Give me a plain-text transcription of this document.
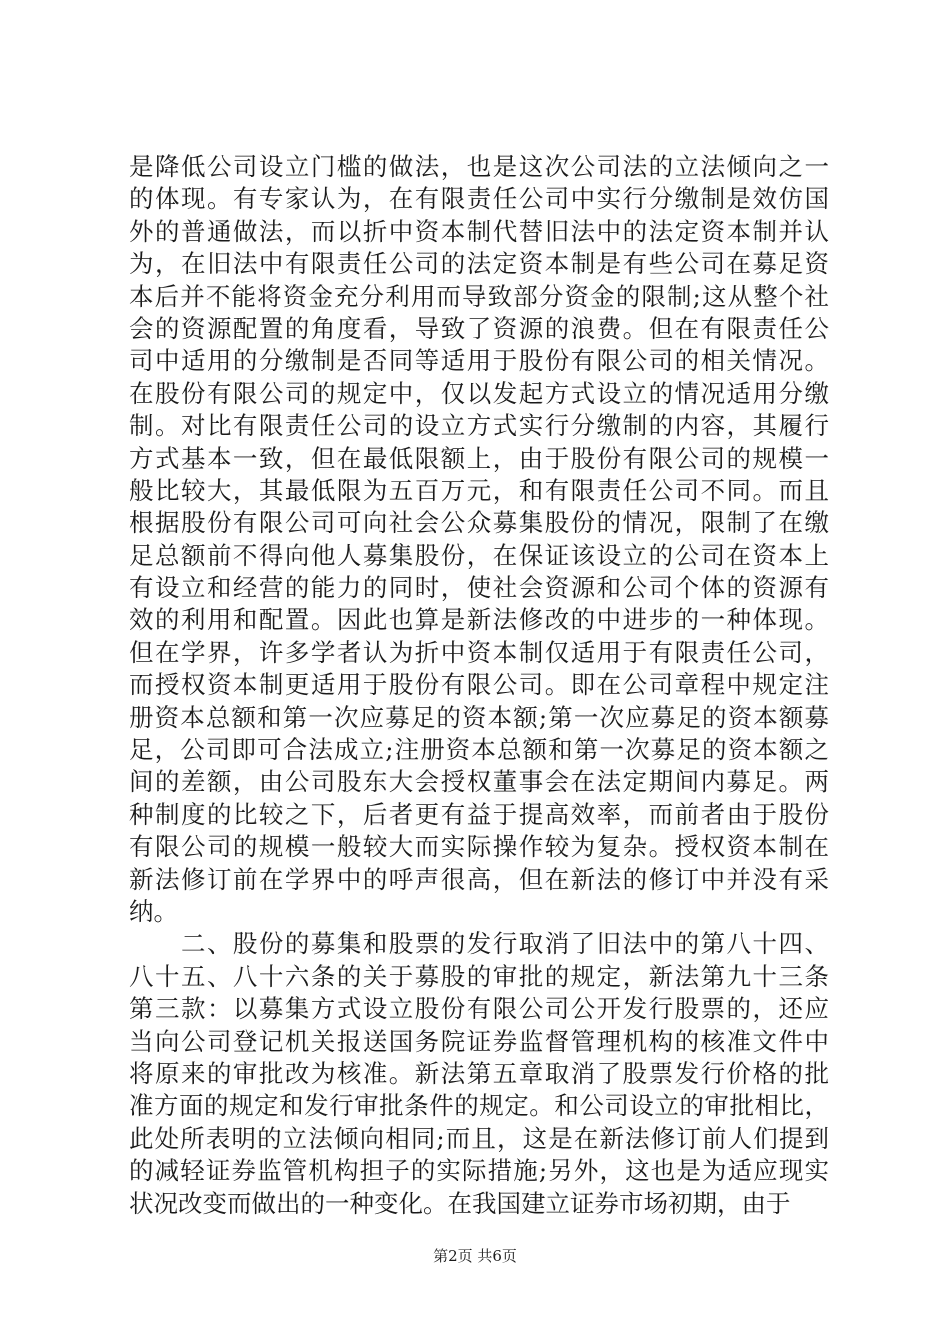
是降低公司设立门槛的做法，也是这次公司法的立法倾向之一
的体现。有专家认为，在有限责任公司中实行分缴制是效仿国
外的普通做法，而以折中资本制代替旧法中的法定资本制并认
为，在旧法中有限责任公司的法定资本制是有些公司在募足资
本后并不能将资金充分利用而导致部分资金的限制;这从整个社
会的资源配置的角度看，导致了资源的浪费。但在有限责任公
司中适用的分缴制是否同等适用于股份有限公司的相关情况。
在股份有限公司的规定中，仅以发起方式设立的情况适用分缴
制。对比有限责任公司的设立方式实行分缴制的内容，其履行
方式基本一致，但在最低限额上，由于股份有限公司的规模一
般比较大，其最低限为五百万元，和有限责任公司不同。而且
根据股份有限公司可向社会公众募集股份的情况，限制了在缴
足总额前不得向他人募集股份，在保证该设立的公司在资本上
有设立和经营的能力的同时，使社会资源和公司个体的资源有
效的利用和配置。因此也算是新法修改的中进步的一种体现。
但在学界，许多学者认为折中资本制仅适用于有限责任公司，
而授权资本制更适用于股份有限公司。即在公司章程中规定注
册资本总额和第一次应募足的资本额;第一次应募足的资本额募
足，公司即可合法成立;注册资本总额和第一次募足的资本额之
间的差额，由公司股东大会授权董事会在法定期间内募足。两
种制度的比较之下，后者更有益于提高效率，而前者由于股份
有限公司的规模一般较大而实际操作较为复杂。授权资本制在
新法修订前在学界中的呼声很高，但在新法的修订中并没有采
纳。
　　二、股份的募集和股票的发行取消了旧法中的第八十四、
八十五、八十六条的关于募股的审批的规定，新法第九十三条
第三款：以募集方式设立股份有限公司公开发行股票的，还应
当向公司登记机关报送国务院证券监督管理机构的核准文件中
将原来的审批改为核准。新法第五章取消了股票发行价格的批
准方面的规定和发行审批条件的规定。和公司设立的审批相比，
此处所表明的立法倾向相同;而且，这是在新法修订前人们提到
的减轻证券监管机构担子的实际措施;另外，这也是为适应现实
状况改变而做出的一种变化。在我国建立证券市场初期，由于
第2页 共6页
